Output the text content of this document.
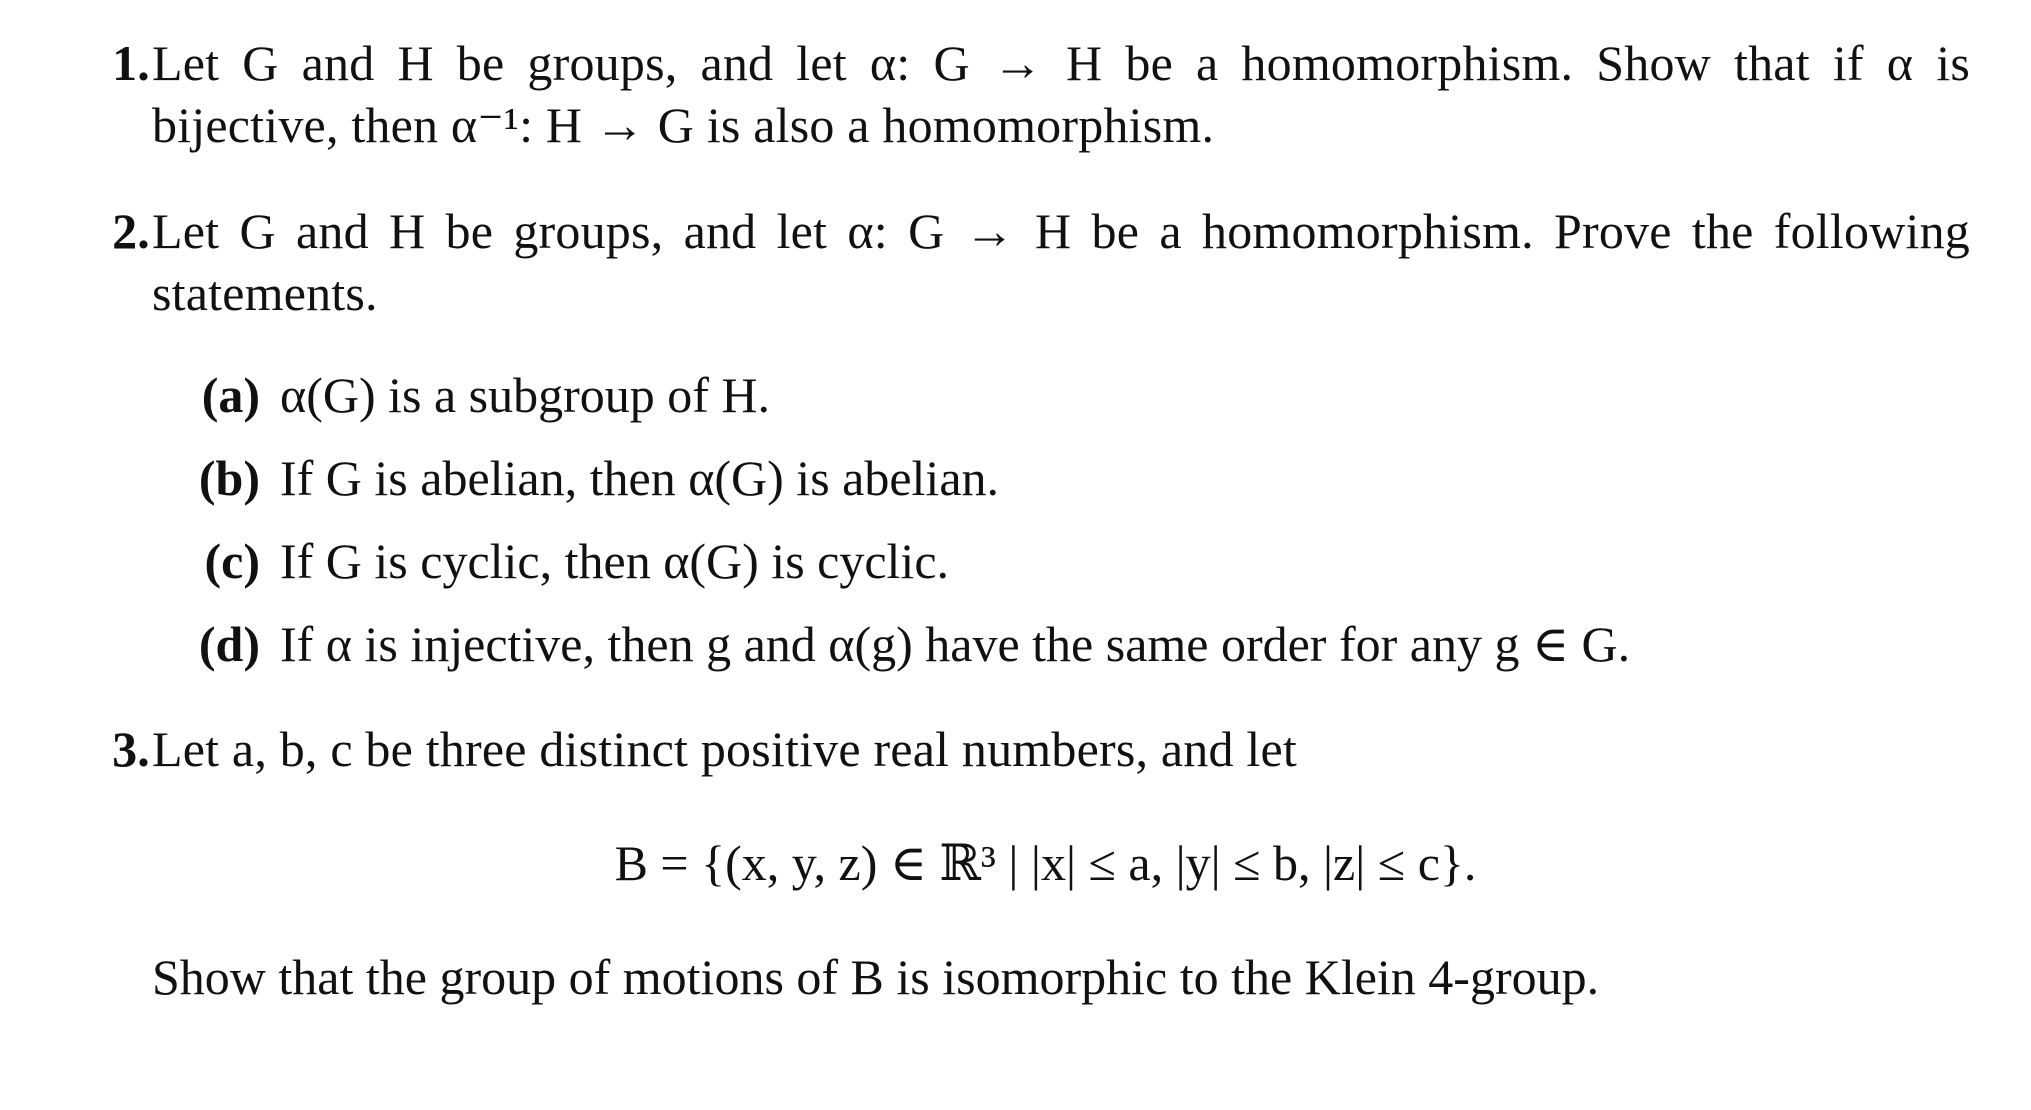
1. Let G and H be groups, and let α: G → H be a homomorphism. Show that if α is bijective, then α⁻¹: H → G is also a homomorphism.
2. Let G and H be groups, and let α: G → H be a homomorphism. Prove the following statements.
(a) α(G) is a subgroup of H.
(b) If G is abelian, then α(G) is abelian.
(c) If G is cyclic, then α(G) is cyclic.
(d) If α is injective, then g and α(g) have the same order for any g ∈ G.
3. Let a, b, c be three distinct positive real numbers, and let
B = {(x, y, z) ∈ ℝ³ | |x| ≤ a, |y| ≤ b, |z| ≤ c}.
Show that the group of motions of B is isomorphic to the Klein 4-group.
